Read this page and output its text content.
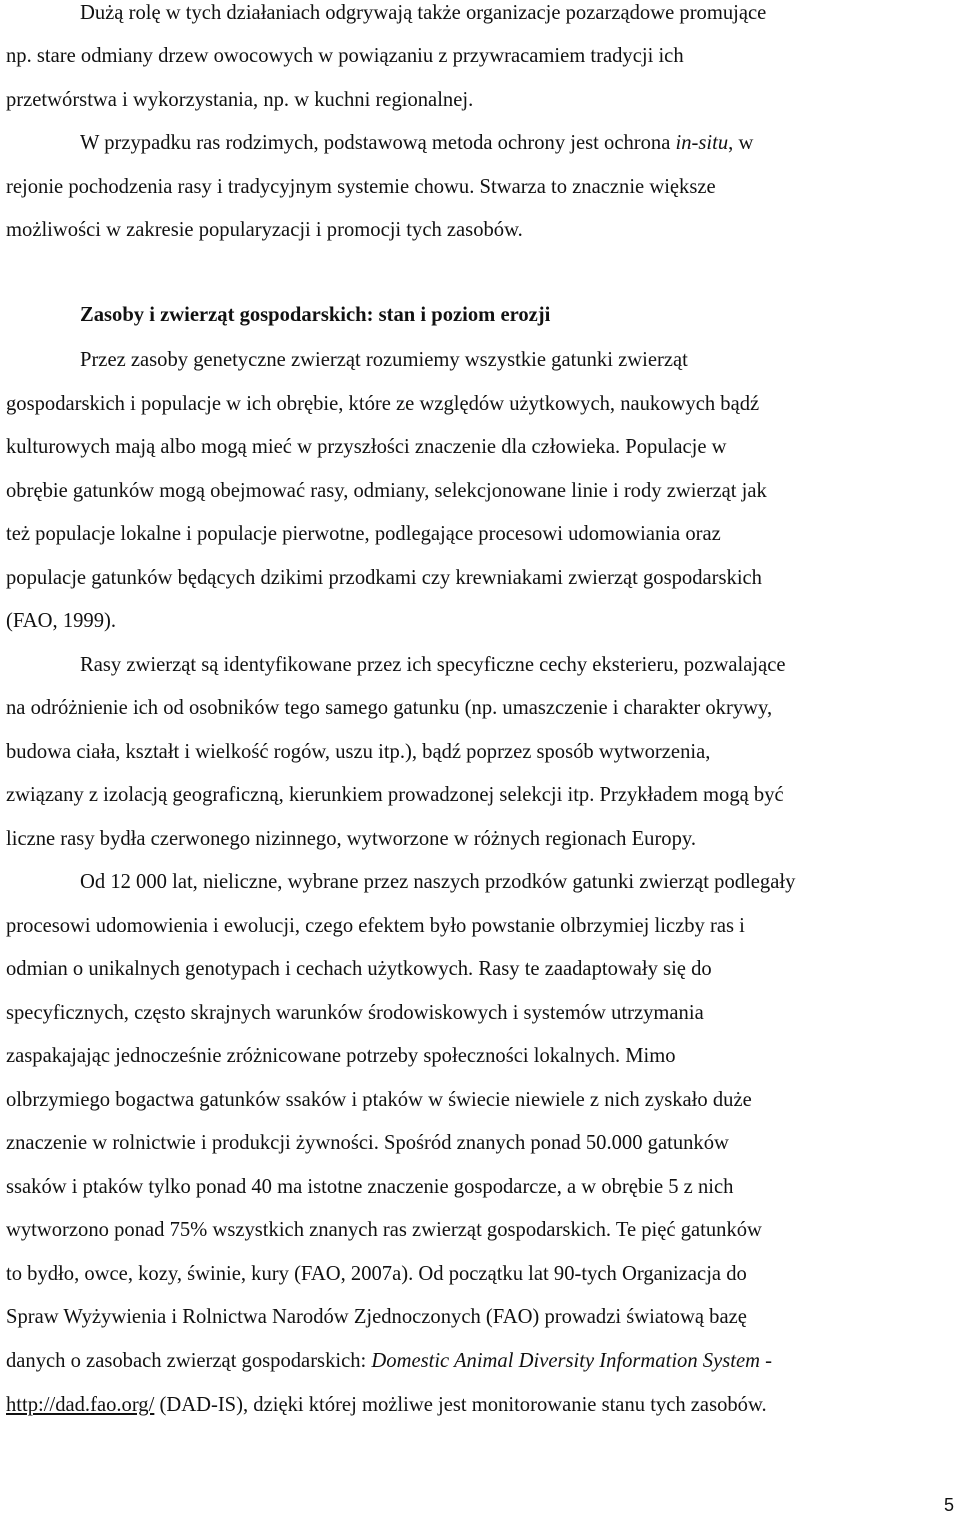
Dużą rolę w tych działaniach odgrywają także organizacje pozarządowe promujące
np. stare odmiany drzew owocowych w powiązaniu z przywracamiem tradycji ich
przetwórstwa i wykorzystania, np. w kuchni regionalnej.
W przypadku ras rodzimych, podstawową metoda ochrony jest ochrona in-situ, w
rejonie pochodzenia rasy i tradycyjnym systemie chowu. Stwarza to znacznie większe
możliwości w zakresie popularyzacji i promocji tych zasobów.
Zasoby i zwierząt gospodarskich: stan i poziom erozji
Przez zasoby genetyczne zwierząt rozumiemy wszystkie gatunki zwierząt
gospodarskich i populacje w ich obrębie, które ze względów użytkowych, naukowych bądź
kulturowych mają albo mogą mieć w przyszłości znaczenie dla człowieka. Populacje w
obrębie gatunków mogą obejmować rasy, odmiany, selekcjonowane linie i rody zwierząt jak
też populacje lokalne i populacje pierwotne, podlegające procesowi udomowiania oraz
populacje gatunków będących dzikimi przodkami czy krewniakami zwierząt gospodarskich
(FAO, 1999).
Rasy zwierząt są identyfikowane przez ich specyficzne cechy eksterieru, pozwalające
na odróżnienie ich od osobników tego samego gatunku (np. umaszczenie i charakter okrywy,
budowa ciała, kształt i wielkość rogów, uszu itp.), bądź poprzez sposób wytworzenia,
związany z izolacją geograficzną, kierunkiem prowadzonej selekcji itp. Przykładem mogą być
liczne rasy bydła czerwonego nizinnego, wytworzone w różnych regionach Europy.
Od 12 000 lat, nieliczne, wybrane przez naszych przodków gatunki zwierząt podlegały
procesowi udomowienia i ewolucji, czego efektem było powstanie olbrzymiej liczby ras i
odmian o unikalnych genotypach i cechach użytkowych. Rasy te zaadaptowały się do
specyficznych, często skrajnych warunków środowiskowych i systemów utrzymania
zaspakajając jednocześnie zróżnicowane potrzeby społeczności lokalnych. Mimo
olbrzymiego bogactwa gatunków ssaków i ptaków w świecie niewiele z nich zyskało duże
znaczenie w rolnictwie i produkcji żywności. Spośród znanych ponad 50.000 gatunków
ssaków i ptaków tylko ponad 40 ma istotne znaczenie gospodarcze, a w obrębie 5 z nich
wytworzono ponad 75% wszystkich znanych ras zwierząt gospodarskich. Te pięć gatunków
to bydło, owce, kozy, świnie, kury (FAO, 2007a). Od początku lat 90-tych Organizacja do
Spraw Wyżywienia i Rolnictwa Narodów Zjednoczonych (FAO) prowadzi światową bazę
danych o zasobach zwierząt gospodarskich: Domestic Animal Diversity Information System -
http://dad.fao.org/ (DAD-IS), dzięki której możliwe jest monitorowanie stanu tych zasobów.
5
